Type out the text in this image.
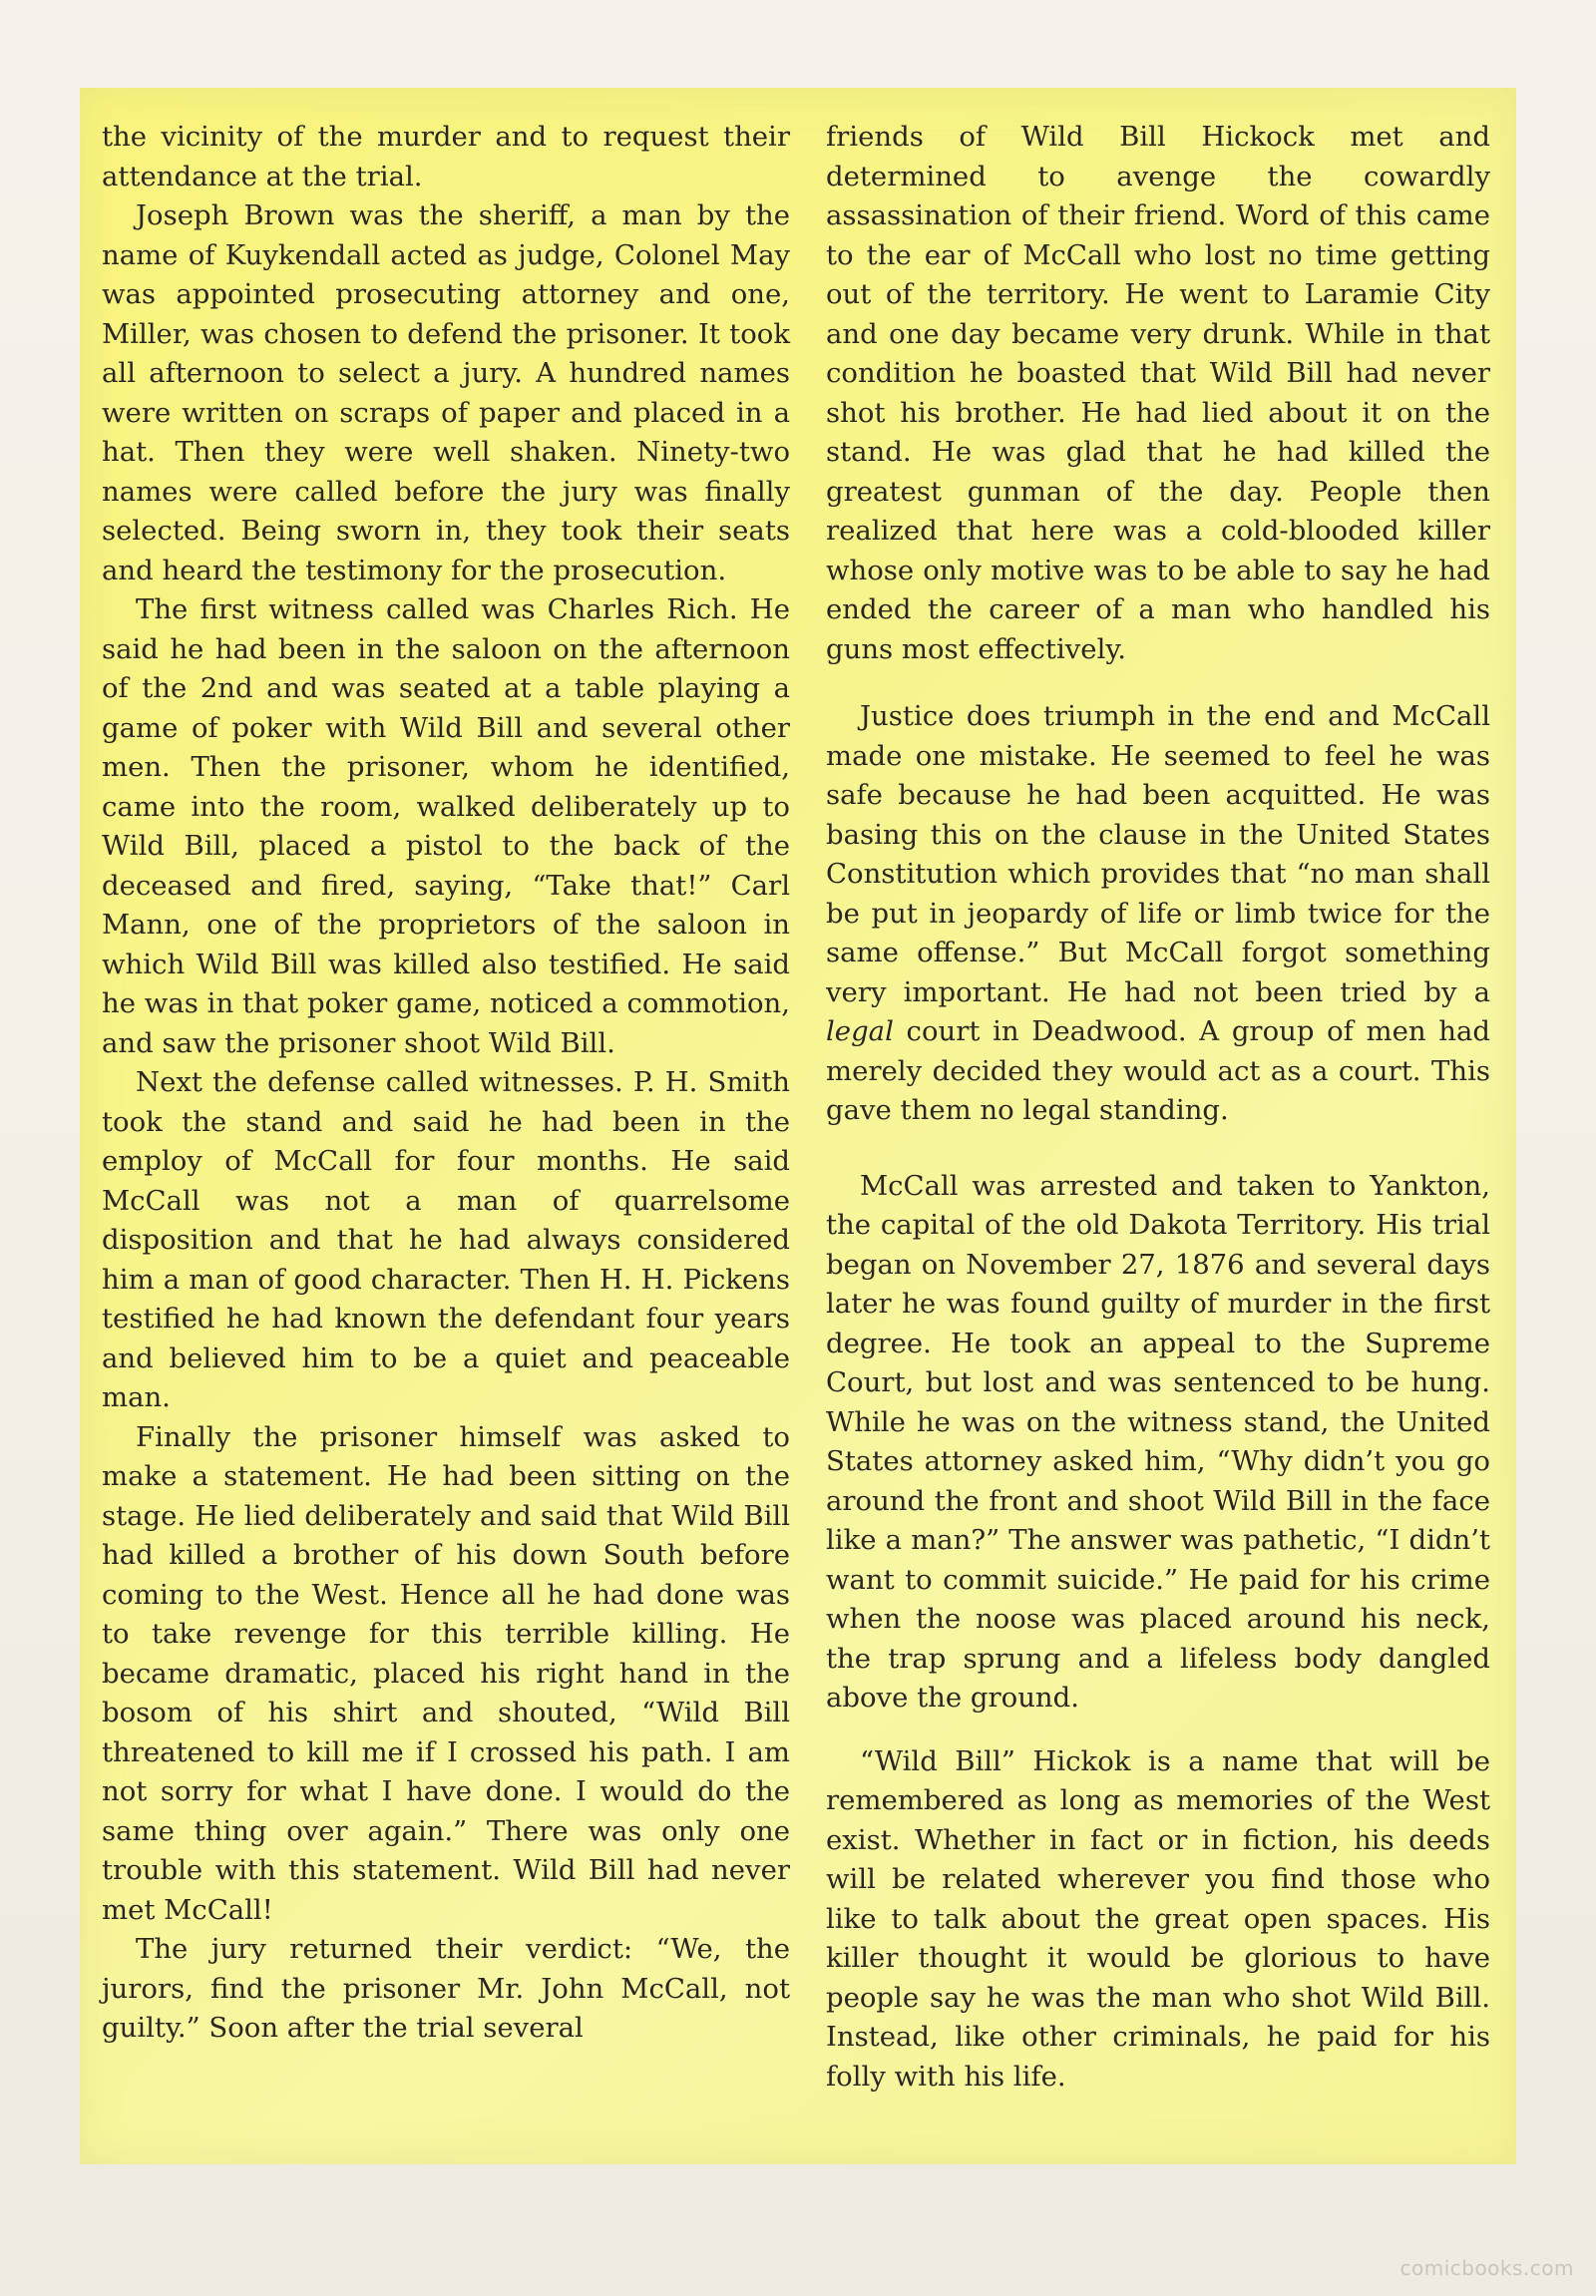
the vicinity of the murder and to request their attendance at the trial.

Joseph Brown was the sheriff, a man by the name of Kuykendall acted as judge, Colonel May was appointed prosecuting attorney and one, Miller, was chosen to defend the prisoner. It took all afternoon to select a jury. A hundred names were written on scraps of paper and placed in a hat. Then they were well shaken. Ninety-two names were called before the jury was finally selected. Being sworn in, they took their seats and heard the testimony for the prosecution.

The first witness called was Charles Rich. He said he had been in the saloon on the afternoon of the 2nd and was seated at a table playing a game of poker with Wild Bill and several other men. Then the prisoner, whom he identified, came into the room, walked deliberately up to Wild Bill, placed a pistol to the back of the deceased and fired, saying, “Take that!” Carl Mann, one of the proprietors of the saloon in which Wild Bill was killed also testified. He said he was in that poker game, noticed a commotion, and saw the prisoner shoot Wild Bill.

Next the defense called witnesses. P. H. Smith took the stand and said he had been in the employ of McCall for four months. He said McCall was not a man of quarrelsome disposition and that he had always considered him a man of good character. Then H. H. Pickens testified he had known the defendant four years and believed him to be a quiet and peaceable man.

Finally the prisoner himself was asked to make a statement. He had been sitting on the stage. He lied deliberately and said that Wild Bill had killed a brother of his down South before coming to the West. Hence all he had done was to take revenge for this terrible killing. He became dramatic, placed his right hand in the bosom of his shirt and shouted, “Wild Bill threatened to kill me if I crossed his path. I am not sorry for what I have done. I would do the same thing over again.” There was only one trouble with this statement. Wild Bill had never met McCall!

The jury returned their verdict: “We, the jurors, find the prisoner Mr. John McCall, not guilty.” Soon after the trial several

friends of Wild Bill Hickock met and determined to avenge the cowardly assassination of their friend. Word of this came to the ear of McCall who lost no time getting out of the territory. He went to Laramie City and one day became very drunk. While in that condition he boasted that Wild Bill had never shot his brother. He had lied about it on the stand. He was glad that he had killed the greatest gunman of the day. People then realized that here was a cold-blooded killer whose only motive was to be able to say he had ended the career of a man who handled his guns most effectively.

Justice does triumph in the end and McCall made one mistake. He seemed to feel he was safe because he had been acquitted. He was basing this on the clause in the United States Constitution which provides that “no man shall be put in jeopardy of life or limb twice for the same offense.” But McCall forgot something very important. He had not been tried by a legal court in Deadwood. A group of men had merely decided they would act as a court. This gave them no legal standing.

McCall was arrested and taken to Yankton, the capital of the old Dakota Territory. His trial began on November 27, 1876 and several days later he was found guilty of murder in the first degree. He took an appeal to the Supreme Court, but lost and was sentenced to be hung. While he was on the witness stand, the United States attorney asked him, “Why didn’t you go around the front and shoot Wild Bill in the face like a man?” The answer was pathetic, “I didn’t want to commit suicide.” He paid for his crime when the noose was placed around his neck, the trap sprung and a lifeless body dangled above the ground.

“Wild Bill” Hickok is a name that will be remembered as long as memories of the West exist. Whether in fact or in fiction, his deeds will be related wherever you find those who like to talk about the great open spaces. His killer thought it would be glorious to have people say he was the man who shot Wild Bill. Instead, like other criminals, he paid for his folly with his life.

comicbooks.com
